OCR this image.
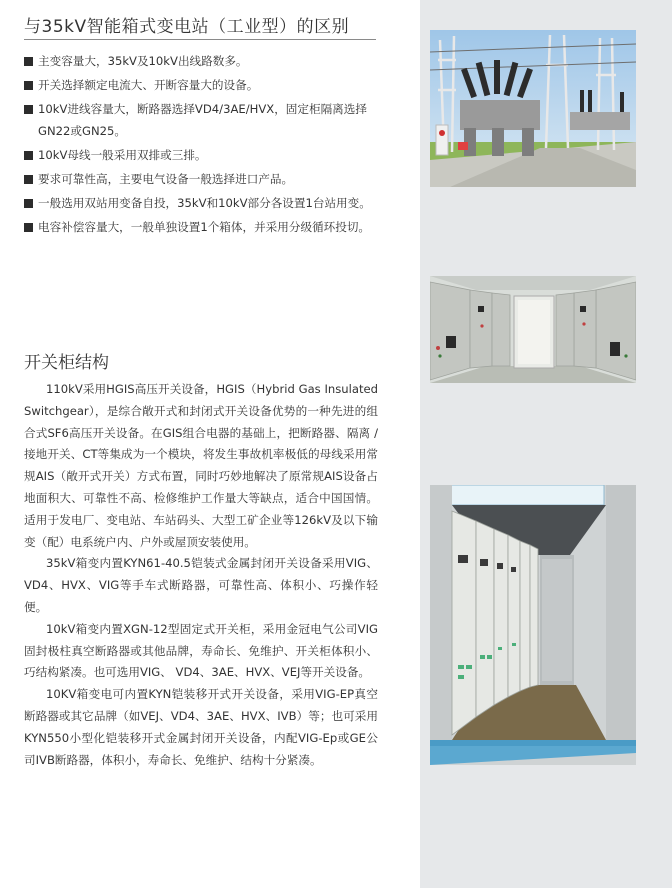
与35kV智能箱式变电站（工业型）的区别
主变容量大，35kV及10kV出线路数多。
开关选择额定电流大、开断容量大的设备。
10kV进线容量大，断路器选择VD4/3AE/HVX，固定柜隔离选择GN22或GN25。
10kV母线一般采用双排或三排。
要求可靠性高，主要电气设备一般选择进口产品。
一般选用双站用变备自投，35kV和10kV部分各设置1台站用变。
电容补偿容量大，一般单独设置1个箱体，并采用分级循环投切。
开关柜结构

110kV采用HGIS高压开关设备，HGIS（Hybrid Gas Insulated Switchgear），是综合敞开式和封闭式开关设备优势的一种先进的组合式SF6高压开关设备。在GIS组合电器的基础上，把断路器、隔离 / 接地开关、CT等集成为一个模块，将发生事故机率极低的母线采用常规AIS（敞开式开关）方式布置，同时巧妙地解决了原常规AIS设备占地面积大、可靠性不高、检修维护工作量大等缺点，适合中国国情。适用于发电厂、变电站、车站码头、大型工矿企业等126kV及以下输变（配）电系统户内、户外或屋顶安装使用。

35kV箱变内置KYN61-40.5铠装式金属封闭开关设备采用VIG、VD4、HVX、VIG等手车式断路器，可靠性高、体积小、巧操作轻便。

10kV箱变内置XGN-12型固定式开关柜，采用金冠电气公司VIG固封极柱真空断路器或其他品牌，寿命长、免维护、开关柜体积小、巧结构紧凑。也可选用VIG、 VD4、3AE、HVX、VEJ等开关设备。

10KV箱变电可内置KYN铠装移开式开关设备，采用VIG-EP真空断路器或其它品牌（如VEJ、VD4、3AE、HVX、IVB）等；也可采用KYN550小型化铠装移开式金属封闭开关设备，内配VIG-Ep或GE公司IVB断路器，体积小，寿命长、免维护、结构十分紧凑。
